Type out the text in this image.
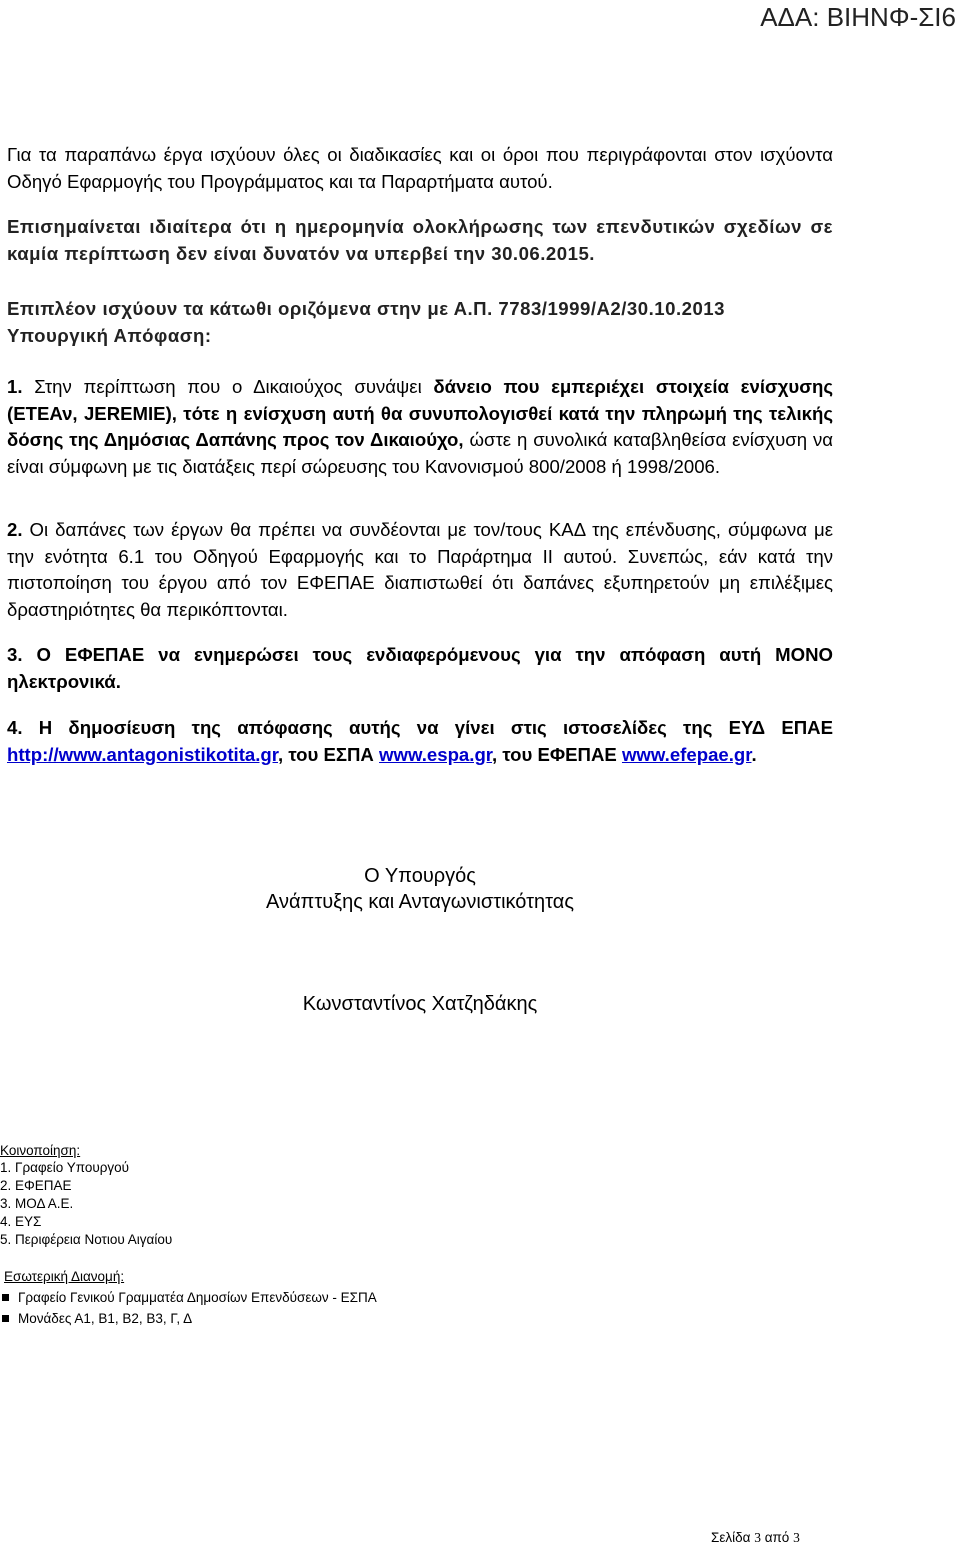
ΑΔΑ: ΒΙΗΝΦ-ΣΙ6
Για τα παραπάνω έργα ισχύουν όλες οι διαδικασίες και οι όροι που περιγράφονται στον ισχύοντα Οδηγό Εφαρμογής του Προγράμματος και τα Παραρτήματα αυτού.
Επισημαίνεται ιδιαίτερα ότι η ημερομηνία ολοκλήρωσης των επενδυτικών σχεδίων σε καμία περίπτωση δεν είναι δυνατόν να υπερβεί την 30.06.2015.
Επιπλέον ισχύουν τα κάτωθι οριζόμενα στην με Α.Π. 7783/1999/Α2/30.10.2013 Υπουργική Απόφαση:
1. Στην περίπτωση που ο Δικαιούχος συνάψει δάνειο που εμπεριέχει στοιχεία ενίσχυσης (ΕΤΕΑν, JEREMIE), τότε η ενίσχυση αυτή θα συνυπολογισθεί κατά την πληρωμή της τελικής δόσης της Δημόσιας Δαπάνης προς τον Δικαιούχο, ώστε η συνολικά καταβληθείσα ενίσχυση να είναι σύμφωνη με τις διατάξεις περί σώρευσης του Κανονισμού 800/2008 ή 1998/2006.
2. Οι δαπάνες των έργων θα πρέπει να συνδέονται με τον/τους ΚΑΔ της επένδυσης, σύμφωνα με την ενότητα 6.1 του Οδηγού Εφαρμογής και το Παράρτημα ΙΙ αυτού. Συνεπώς, εάν κατά την πιστοποίηση του έργου από τον ΕΦΕΠΑΕ διαπιστωθεί ότι δαπάνες εξυπηρετούν μη επιλέξιμες δραστηριότητες θα περικόπτονται.
3. Ο ΕΦΕΠΑΕ να ενημερώσει τους ενδιαφερόμενους για την απόφαση αυτή ΜΟΝΟ ηλεκτρονικά.
4. Η δημοσίευση της απόφασης αυτής να γίνει στις ιστοσελίδες της ΕΥΔ ΕΠΑΕ http://www.antagonistikotita.gr, του ΕΣΠΑ www.espa.gr, του ΕΦΕΠΑΕ www.efepae.gr.
Ο Υπουργός
Ανάπτυξης και Ανταγωνιστικότητας
Κωνσταντίνος Χατζηδάκης
Κοινοποίηση:
1. Γραφείο Υπουργού
2. ΕΦΕΠΑΕ
3. ΜΟΔ Α.Ε.
4. ΕΥΣ
5. Περιφέρεια Νοτιου Αιγαίου
Εσωτερική Διανομή:
Γραφείο Γενικού Γραμματέα Δημοσίων Επενδύσεων - ΕΣΠΑ
Μονάδες Α1, Β1, Β2, Β3, Γ, Δ
Σελίδα 3 από 3
